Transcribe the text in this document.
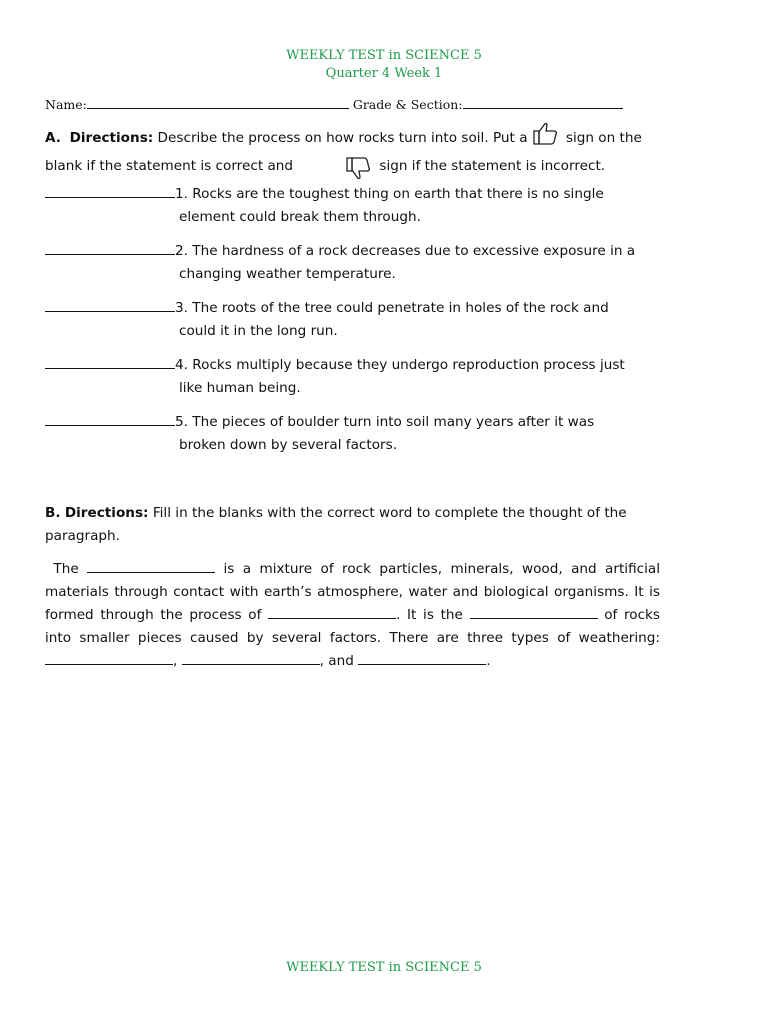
WEEKLY TEST in SCIENCE 5
Quarter 4 Week 1
Name:	Grade & Section:
A. Directions: Describe the process on how rocks turn into soil. Put a	sign on the blank if the statement is correct and	sign if the statement is incorrect.
1. Rocks are the toughest thing on earth that there is no single
element could break them through.
2. The hardness of a rock decreases due to excessive exposure in a
changing weather temperature.
3. The roots of the tree could penetrate in holes of the rock and
could it in the long run.
4. Rocks multiply because they undergo reproduction process just
like human being.
5. The pieces of boulder turn into soil many years after it was
broken down by several factors.
B. Directions: Fill in the blanks with the correct word to complete the thought of the paragraph.
The	is a mixture of rock particles, minerals, wood, and artificial materials through contact with earth’s atmosphere, water and biological organisms. It is formed through the process of	. It is the	of rocks into smaller pieces caused by several factors. There are three types of weathering: ,	, and	.
WEEKLY TEST in SCIENCE 5
